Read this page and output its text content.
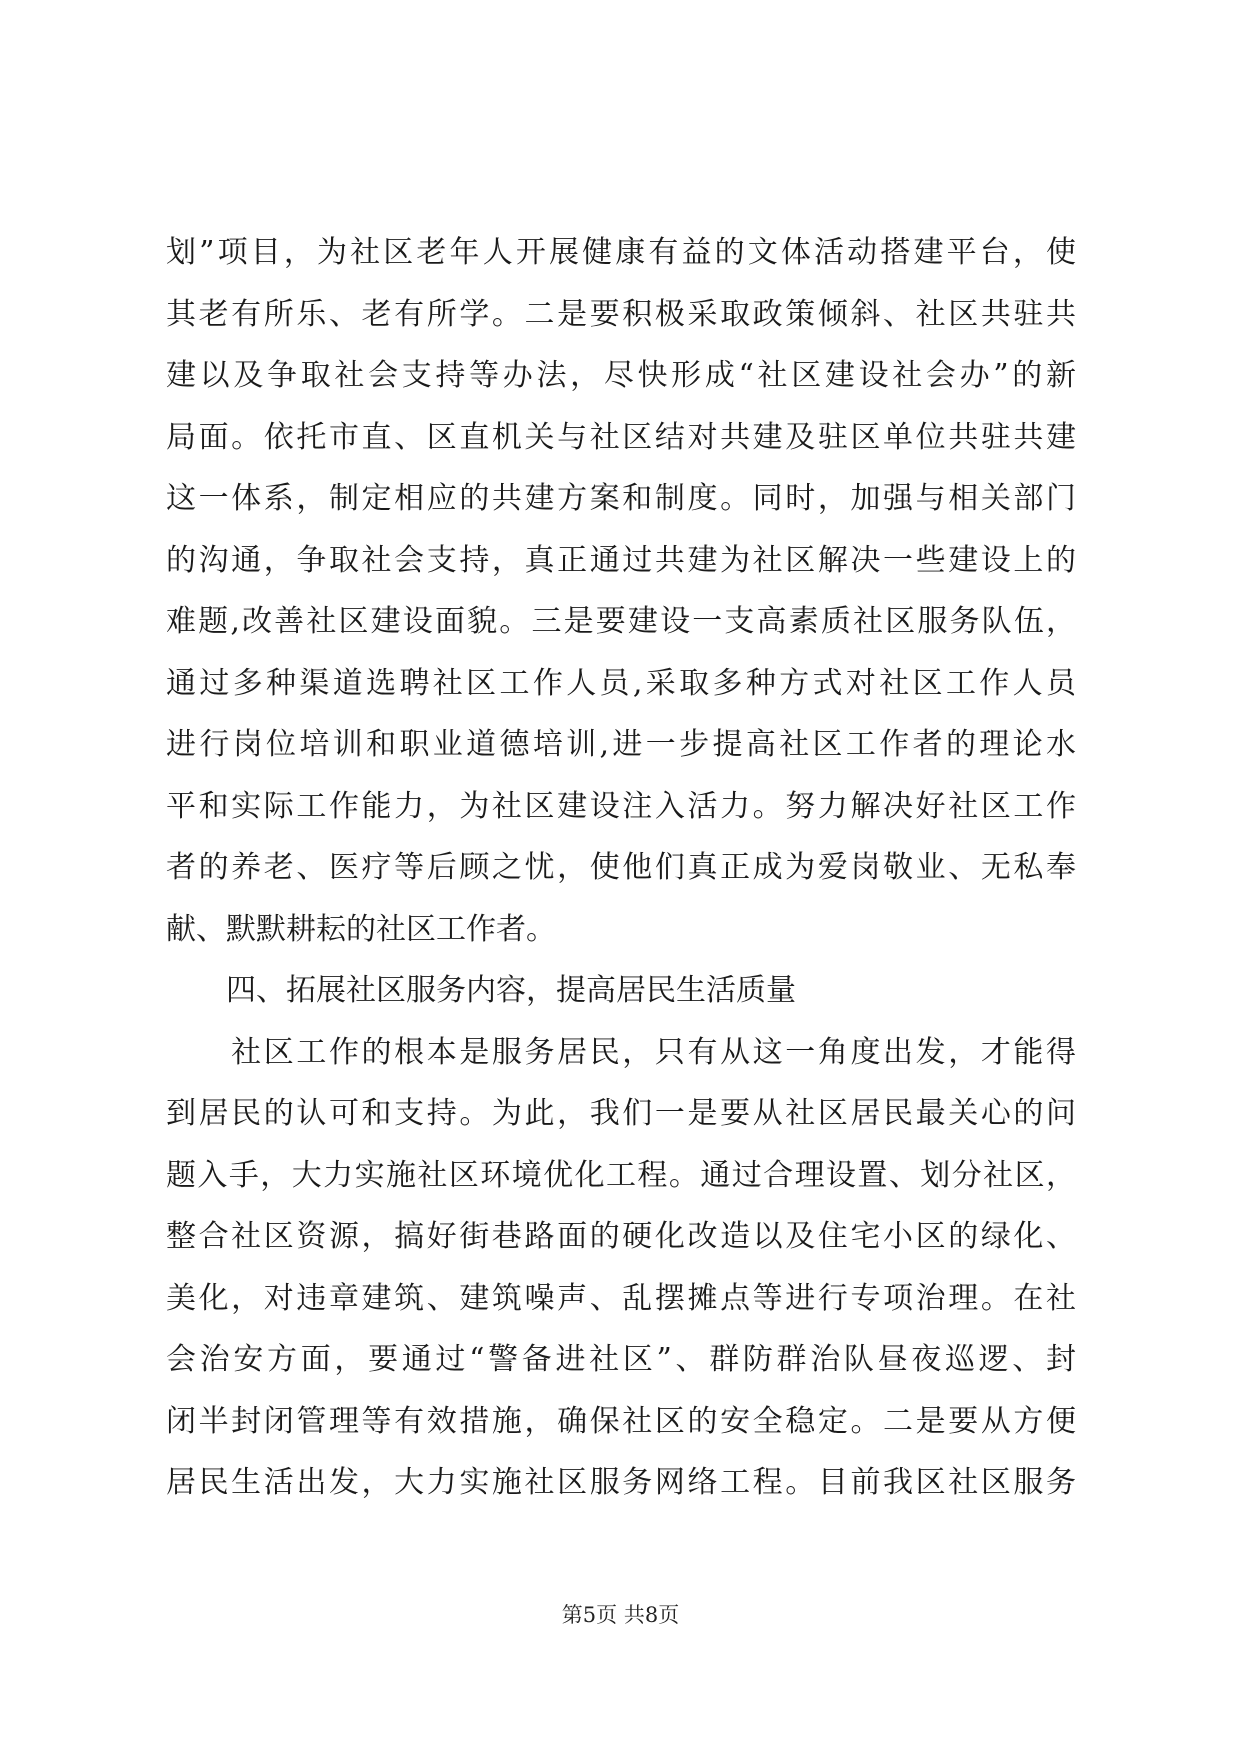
划”项目，为社区老年人开展健康有益的文体活动搭建平台，使
其老有所乐、老有所学。二是要积极采取政策倾斜、社区共驻共
建以及争取社会支持等办法，尽快形成“社区建设社会办”的新
局面。依托市直、区直机关与社区结对共建及驻区单位共驻共建
这一体系，制定相应的共建方案和制度。同时，加强与相关部门
的沟通，争取社会支持，真正通过共建为社区解决一些建设上的
难题,改善社区建设面貌。三是要建设一支高素质社区服务队伍，
通过多种渠道选聘社区工作人员,采取多种方式对社区工作人员
进行岗位培训和职业道德培训,进一步提高社区工作者的理论水
平和实际工作能力，为社区建设注入活力。努力解决好社区工作
者的养老、医疗等后顾之忧，使他们真正成为爱岗敬业、无私奉
献、默默耕耘的社区工作者。
　　四、拓展社区服务内容，提高居民生活质量
　　社区工作的根本是服务居民，只有从这一角度出发，才能得
到居民的认可和支持。为此，我们一是要从社区居民最关心的问
题入手，大力实施社区环境优化工程。通过合理设置、划分社区，
整合社区资源，搞好街巷路面的硬化改造以及住宅小区的绿化、
美化，对违章建筑、建筑噪声、乱摆摊点等进行专项治理。在社
会治安方面，要通过“警备进社区”、群防群治队昼夜巡逻、封
闭半封闭管理等有效措施，确保社区的安全稳定。二是要从方便
居民生活出发，大力实施社区服务网络工程。目前我区社区服务
第5页 共8页
